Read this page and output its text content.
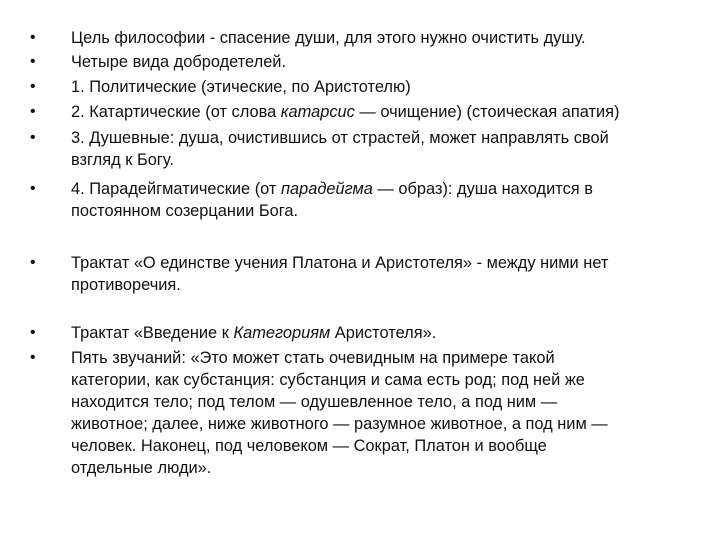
•	Цель философии - спасение души, для этого нужно очистить душу.
•	Четыре вида добродетелей.
•	1. Политические (этические, по Аристотелю)
•	2. Катартические (от слова катарсис — очищение) (стоическая апатия)
•	3. Душевные: душа, очистившись от страстей, может направлять свой
взгляд к Богу.
•	4. Парадейгматические (от парадейгма — образ): душа находится в
постоянном созерцании Бога.
•	Трактат «О единстве учения Платона и Аристотеля» - между ними нет
противоречия.
•	Трактат «Введение к Категориям Аристотеля».
•	Пять звучаний: «Это может стать очевидным на примере такой
категории, как субстанция: субстанция и сама есть род; под ней же
находится тело; под телом — одушевленное тело, а под ним —
животное; далее, ниже животного — разумное животное, а под ним —
человек. Наконец, под человеком — Сократ, Платон и вообще
отдельные люди».
